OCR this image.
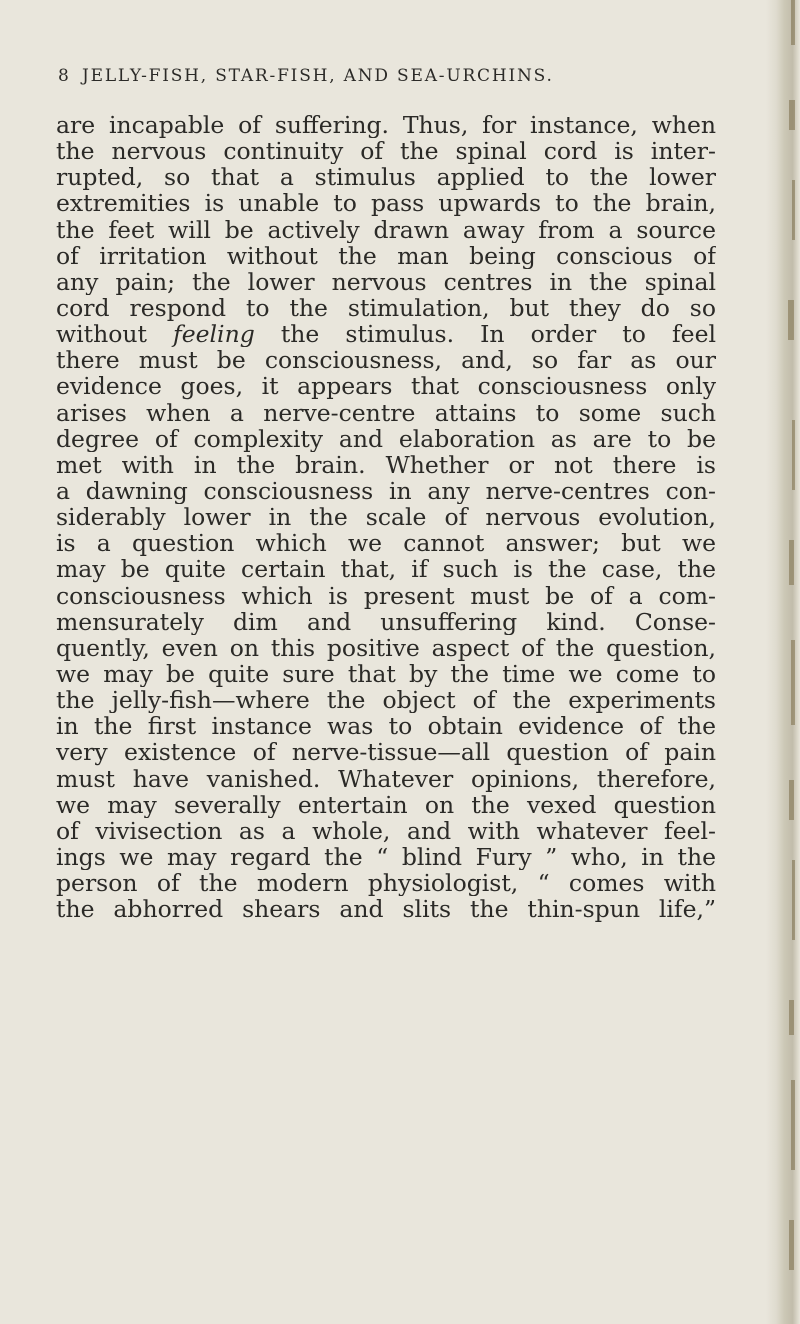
8 JELLY-FISH, STAR-FISH, AND SEA-URCHINS.
are incapable of suffering. Thus, for instance, when
the nervous continuity of the spinal cord is inter-
rupted, so that a stimulus applied to the lower
extremities is unable to pass upwards to the brain,
the feet will be actively drawn away from a source
of irritation without the man being conscious of
any pain; the lower nervous centres in the spinal
cord respond to the stimulation, but they do so
without feeling the stimulus. In order to feel
there must be consciousness, and, so far as our
evidence goes, it appears that consciousness only
arises when a nerve-centre attains to some such
degree of complexity and elaboration as are to be
met with in the brain. Whether or not there is
a dawning consciousness in any nerve-centres con-
siderably lower in the scale of nervous evolution,
is a question which we cannot answer; but we
may be quite certain that, if such is the case, the
consciousness which is present must be of a com-
mensurately dim and unsuffering kind. Conse-
quently, even on this positive aspect of the question,
we may be quite sure that by the time we come to
the jelly-fish—where the object of the experiments
in the first instance was to obtain evidence of the
very existence of nerve-tissue—all question of pain
must have vanished. Whatever opinions, therefore,
we may severally entertain on the vexed question
of vivisection as a whole, and with whatever feel-
ings we may regard the “ blind Fury ” who, in the
person of the modern physiologist, “ comes with
the abhorred shears and slits the thin-spun life,”
